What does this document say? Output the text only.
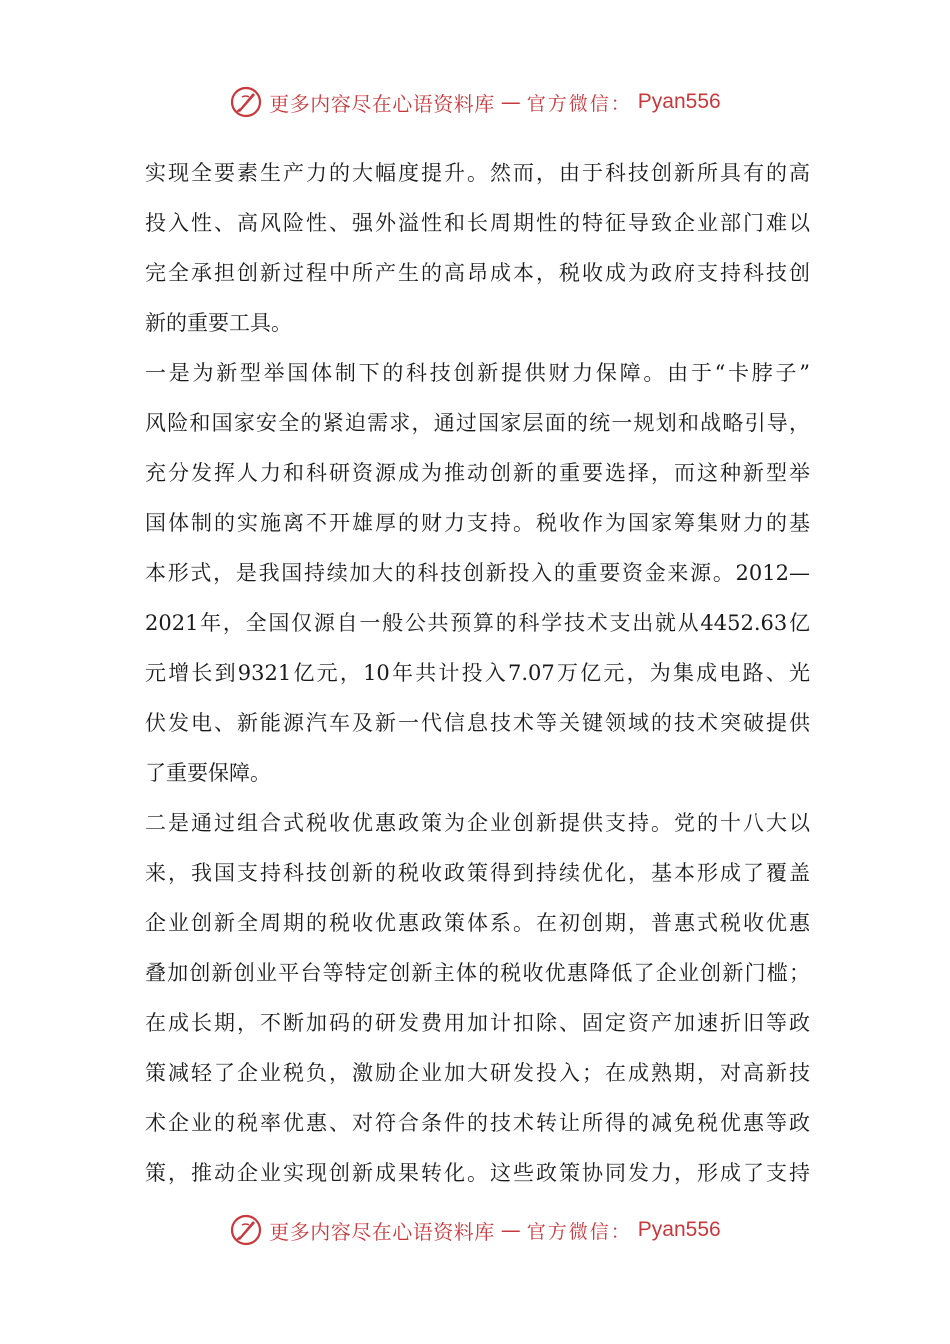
更多内容尽在心语资料库 — 官方微信： Pyan556
实现全要素生产力的大幅度提升。然而，由于科技创新所具有的高
投入性、高风险性、强外溢性和长周期性的特征导致企业部门难以
完全承担创新过程中所产生的高昂成本，税收成为政府支持科技创
新的重要工具。
一是为新型举国体制下的科技创新提供财力保障。由于“卡脖子”
风险和国家安全的紧迫需求，通过国家层面的统一规划和战略引导，
充分发挥人力和科研资源成为推动创新的重要选择，而这种新型举
国体制的实施离不开雄厚的财力支持。税收作为国家筹集财力的基
本形式，是我国持续加大的科技创新投入的重要资金来源。2012—
2021年，全国仅源自一般公共预算的科学技术支出就从4452.63亿
元增长到9321亿元，10年共计投入7.07万亿元，为集成电路、光
伏发电、新能源汽车及新一代信息技术等关键领域的技术突破提供
了重要保障。
二是通过组合式税收优惠政策为企业创新提供支持。党的十八大以
来，我国支持科技创新的税收政策得到持续优化，基本形成了覆盖
企业创新全周期的税收优惠政策体系。在初创期，普惠式税收优惠
叠加创新创业平台等特定创新主体的税收优惠降低了企业创新门槛；
在成长期，不断加码的研发费用加计扣除、固定资产加速折旧等政
策减轻了企业税负，激励企业加大研发投入；在成熟期，对高新技
术企业的税率优惠、对符合条件的技术转让所得的减免税优惠等政
策，推动企业实现创新成果转化。这些政策协同发力，形成了支持
更多内容尽在心语资料库 — 官方微信： Pyan556
